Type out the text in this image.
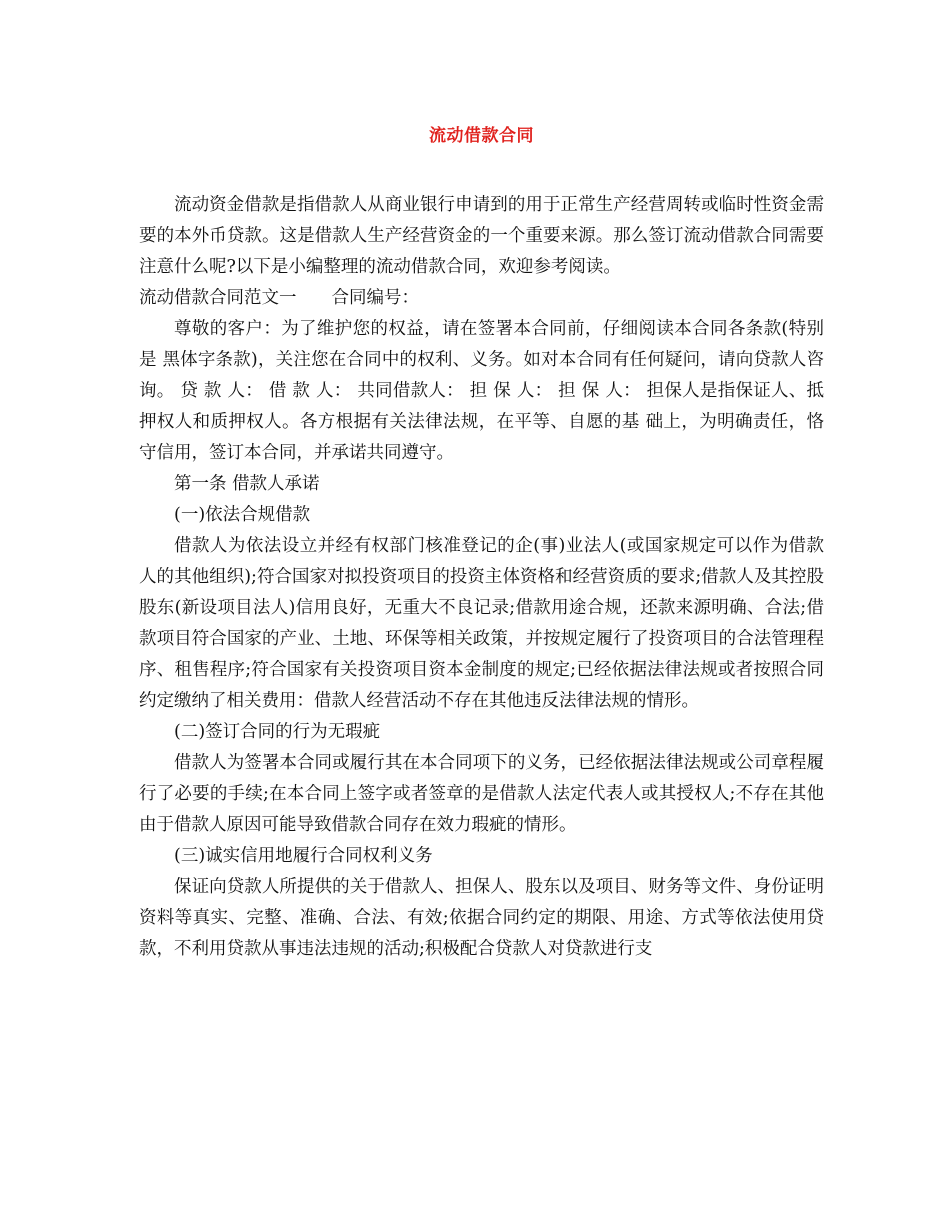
流动借款合同

流动资金借款是指借款人从商业银行申请到的用于正常生产经营周转或临时性资金需要的本外币贷款。这是借款人生产经营资金的一个重要来源。那么签订流动借款合同需要注意什么呢?以下是小编整理的流动借款合同，欢迎参考阅读。

流动借款合同范文一　　合同编号：

尊敬的客户：为了维护您的权益，请在签署本合同前，仔细阅读本合同各条款(特别是 黑体字条款)，关注您在合同中的权利、义务。如对本合同有任何疑问，请向贷款人咨询。 贷 款 人： 借 款 人： 共同借款人： 担 保 人： 担 保 人： 担保人是指保证人、抵押权人和质押权人。各方根据有关法律法规，在平等、自愿的基 础上，为明确责任，恪守信用，签订本合同，并承诺共同遵守。

第一条 借款人承诺

(一)依法合规借款

借款人为依法设立并经有权部门核准登记的企(事)业法人(或国家规定可以作为借款人的其他组织);符合国家对拟投资项目的投资主体资格和经营资质的要求;借款人及其控股 股东(新设项目法人)信用良好，无重大不良记录;借款用途合规，还款来源明确、合法;借款项目符合国家的产业、土地、环保等相关政策，并按规定履行了投资项目的合法管理程序、租售程序;符合国家有关投资项目资本金制度的规定;已经依据法律法规或者按照合同约定缴纳了相关费用：借款人经营活动不存在其他违反法律法规的情形。

(二)签订合同的行为无瑕疵

借款人为签署本合同或履行其在本合同项下的义务，已经依据法律法规或公司章程履行了必要的手续;在本合同上签字或者签章的是借款人法定代表人或其授权人;不存在其他由于借款人原因可能导致借款合同存在效力瑕疵的情形。

(三)诚实信用地履行合同权利义务

保证向贷款人所提供的关于借款人、担保人、股东以及项目、财务等文件、身份证明资料等真实、完整、准确、合法、有效;依据合同约定的期限、用途、方式等依法使用贷款，不利用贷款从事违法违规的活动;积极配合贷款人对贷款进行支
